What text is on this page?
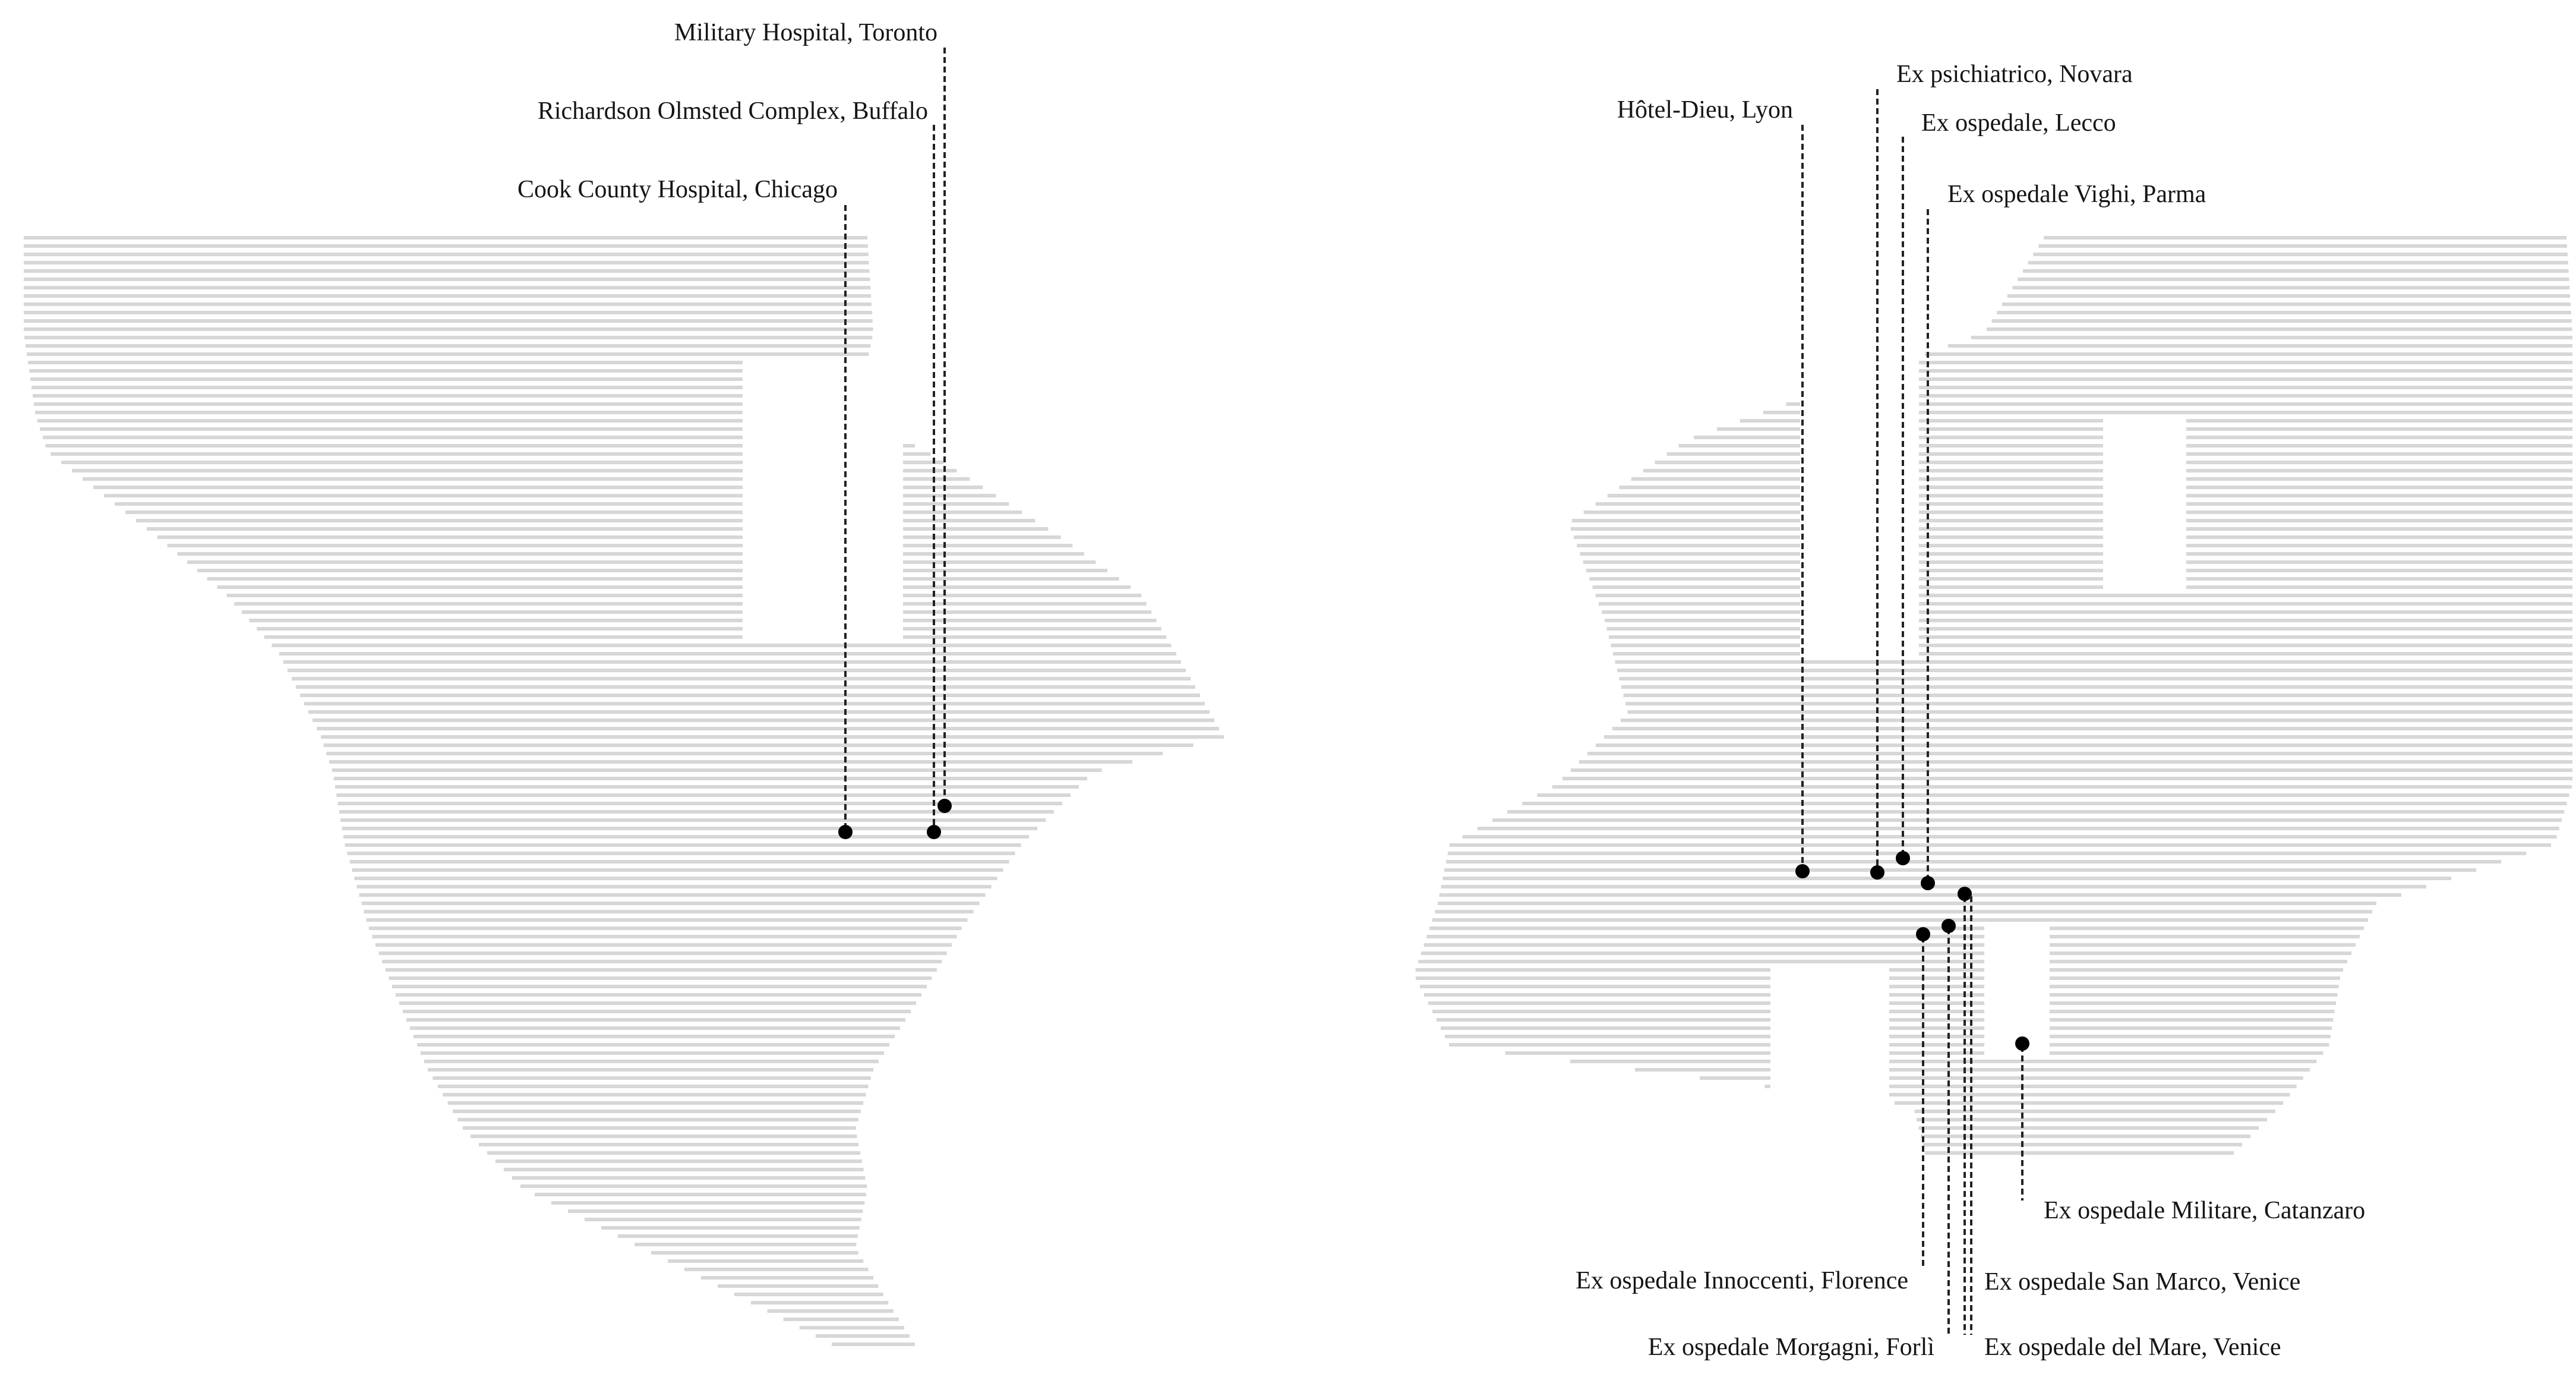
Military Hospital, Toronto
Richardson Olmsted Complex, Buffalo
Cook County Hospital, Chicago
Hôtel-Dieu, Lyon
Ex psichiatrico, Novara
Ex ospedale, Lecco
Ex ospedale Vighi, Parma
Ex ospedale Militare, Catanzaro
Ex ospedale Innoccenti, Florence	Ex ospedale San Marco, Venice
Ex ospedale Morgagni, Forlì Ex ospedale del Mare, Venice
